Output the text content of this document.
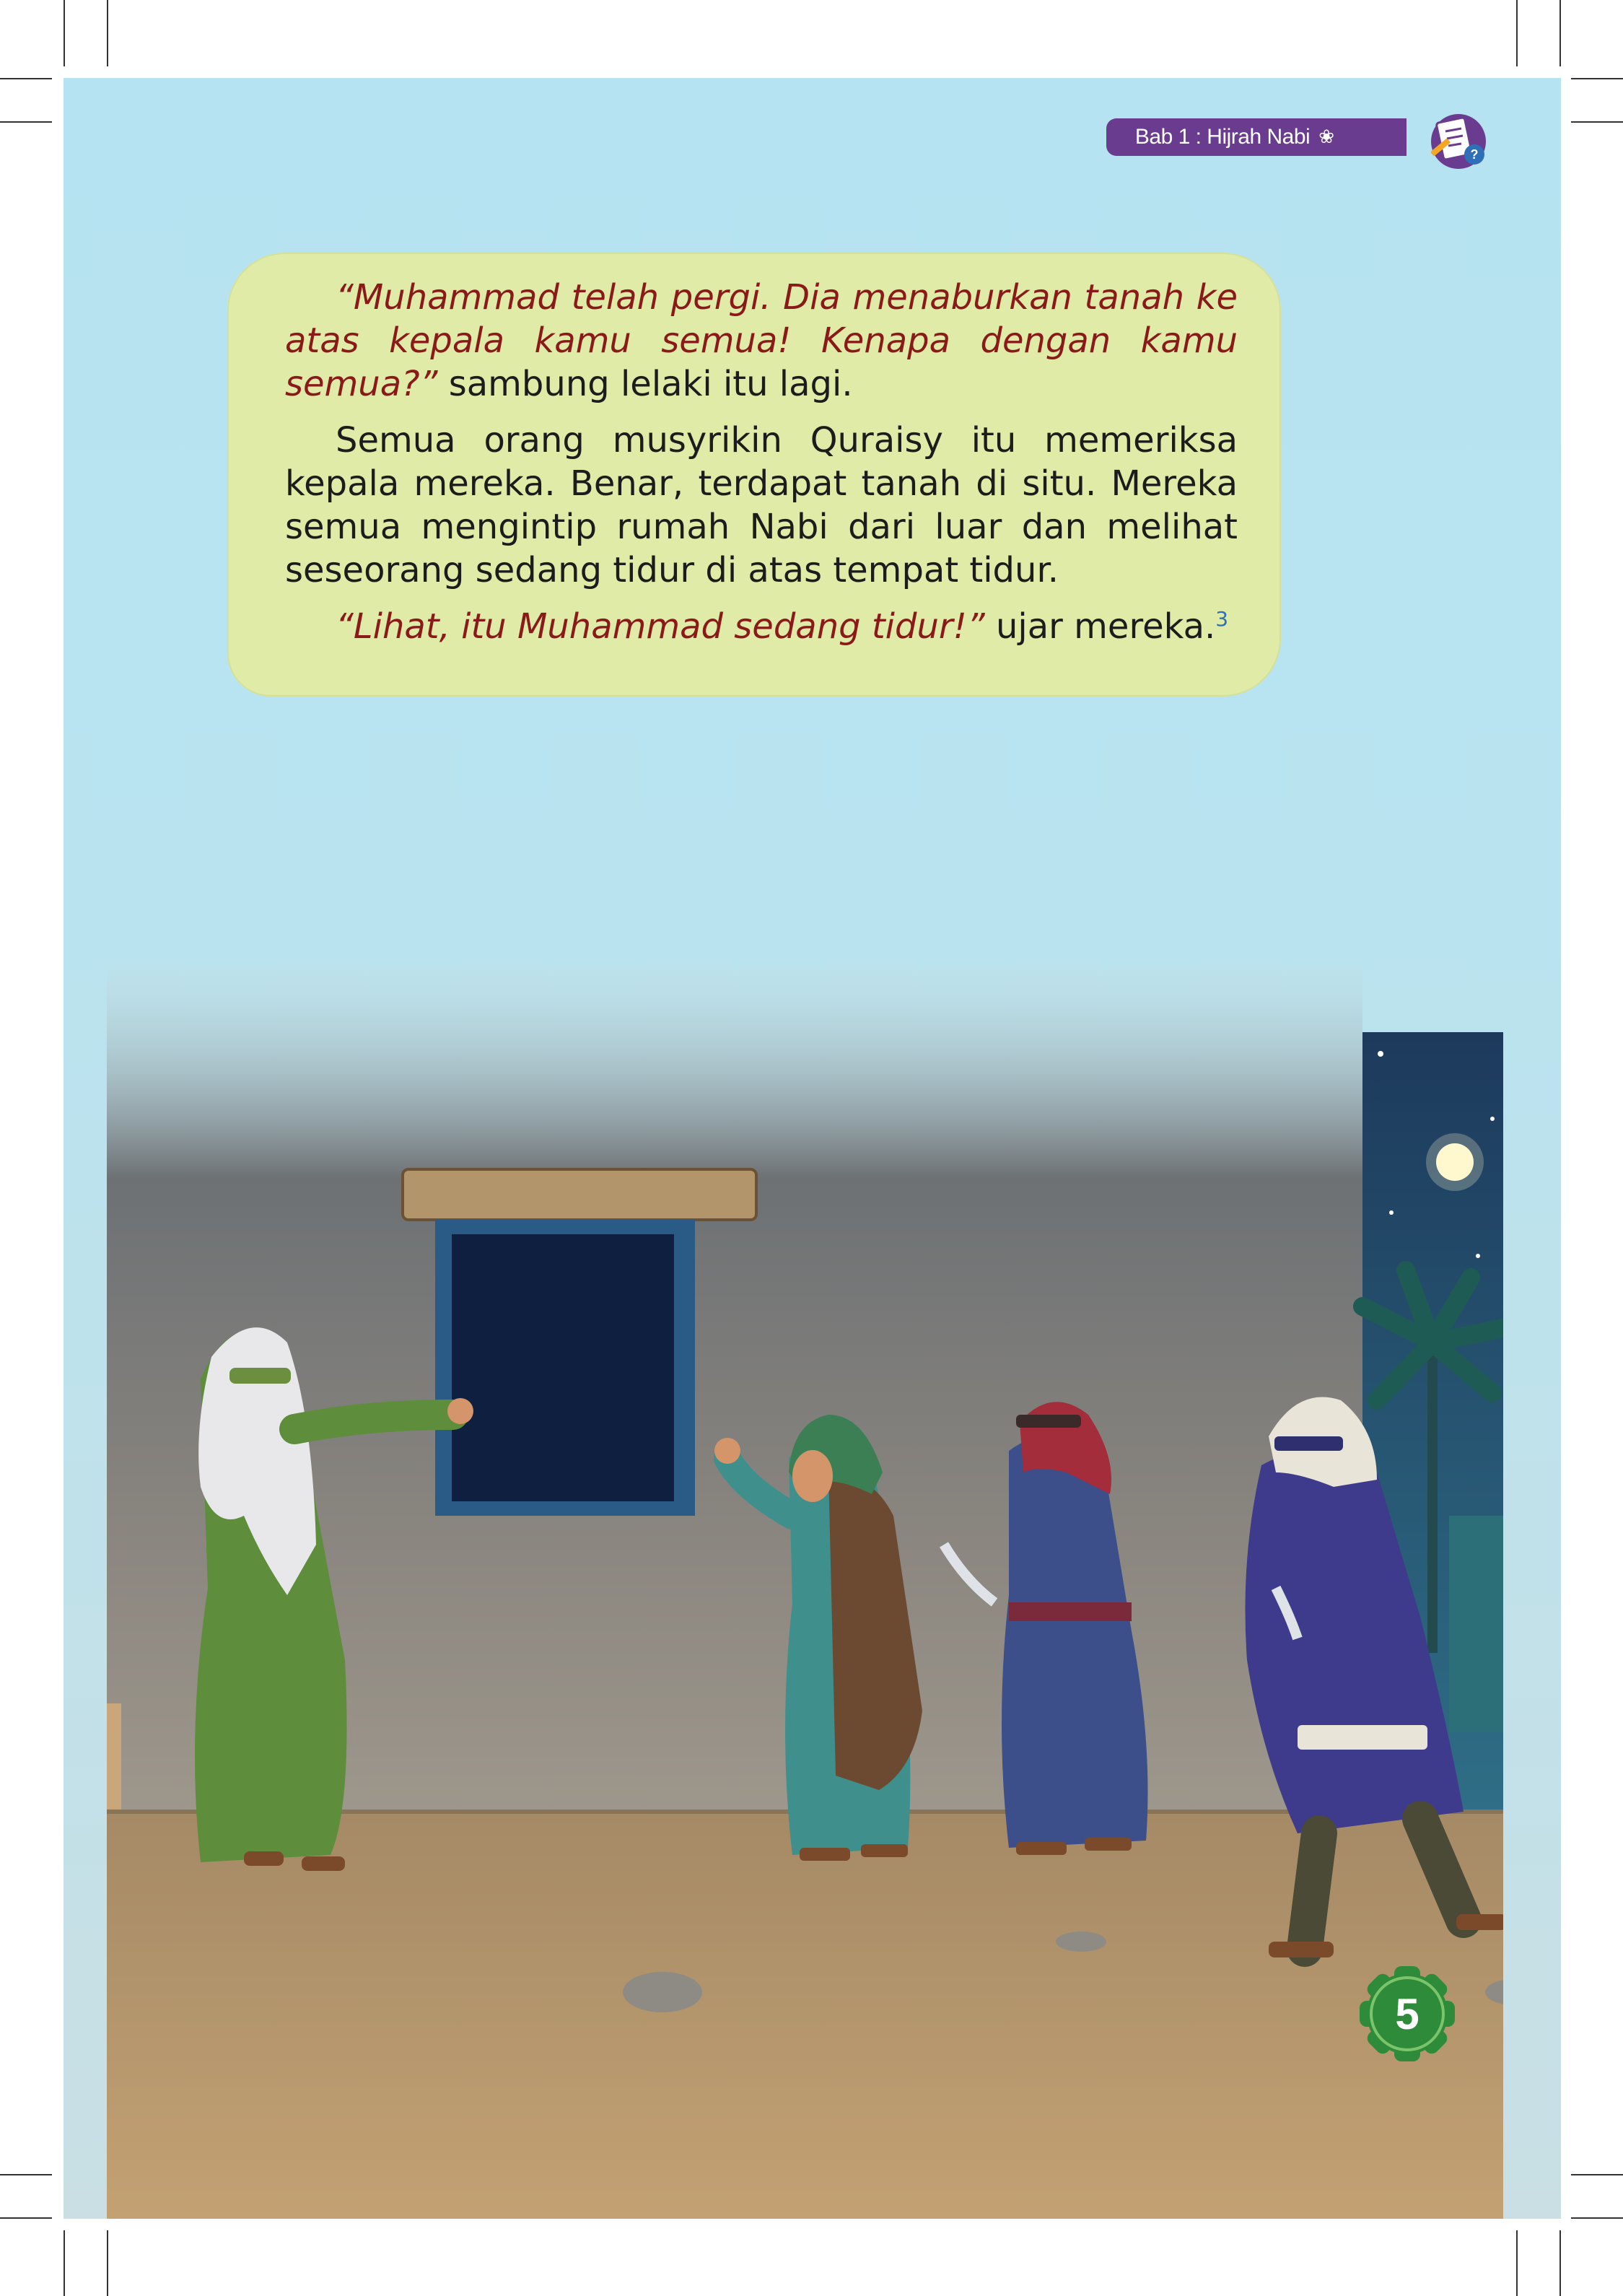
Bab 1 : Hijrah Nabi ❀
?

“Muhammad telah pergi. Dia menaburkan tanah ke atas kepala kamu semua! Kenapa dengan kamu semua?” sambung lelaki itu lagi.

Semua orang musyrikin Quraisy itu memeriksa kepala mereka. Benar, terdapat tanah di situ. Mereka semua mengintip rumah Nabi dari luar dan melihat seseorang sedang tidur di atas tempat tidur.

“Lihat, itu Muhammad sedang tidur!” ujar mereka.$^3$

5
